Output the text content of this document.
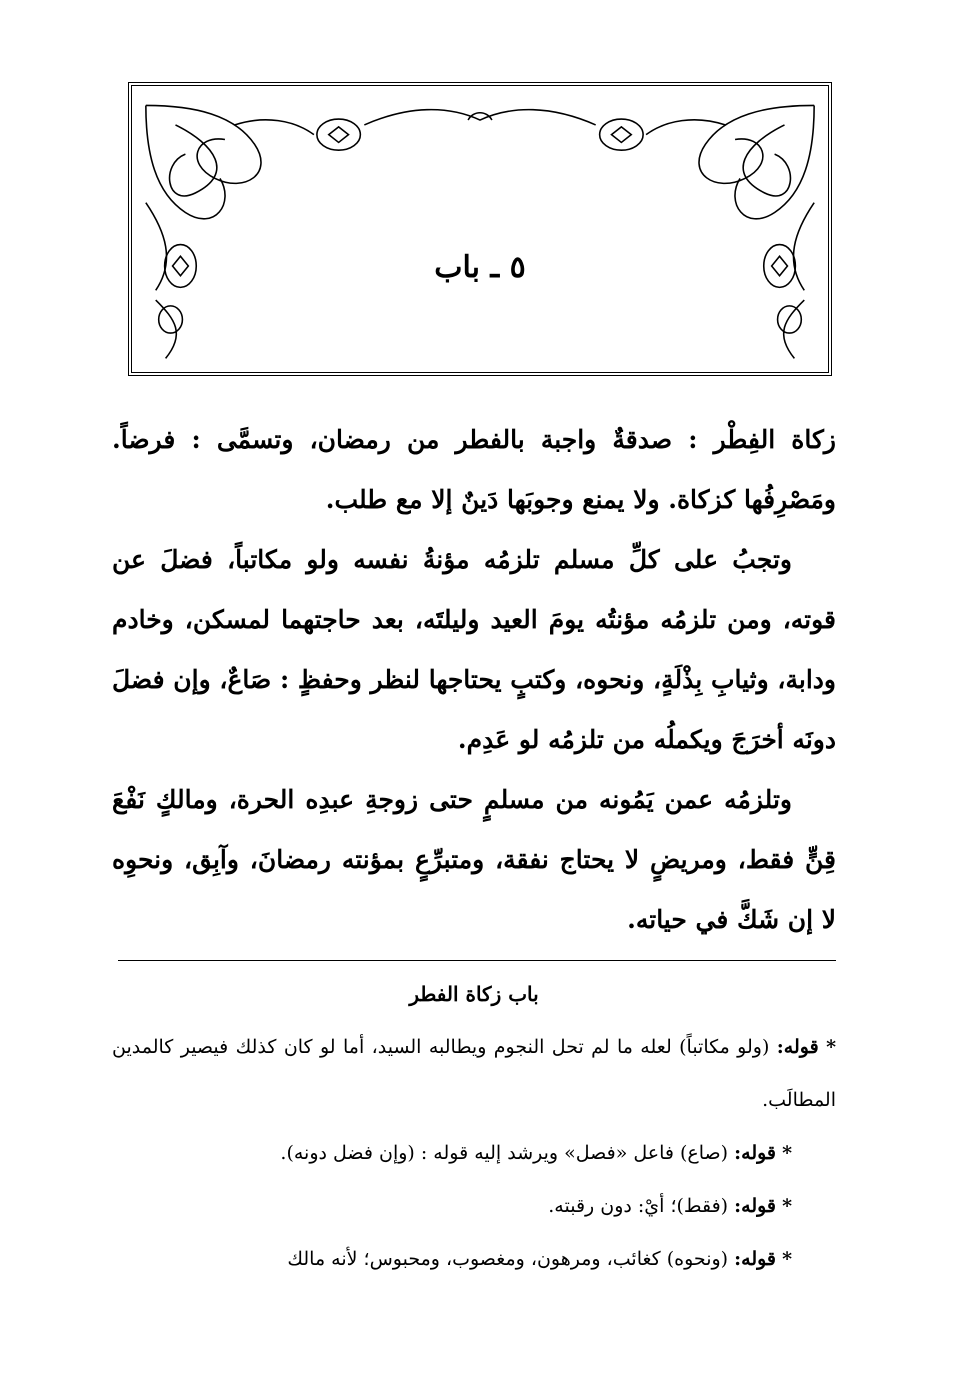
٥ ـ باب

زكاة الفِطْر : صدقةٌ واجبة بالفطر من رمضان، وتسمَّى : فرضاً. ومَصْرِفُها كزكاة. ولا يمنع وجوبَها دَينٌ إلا مع طلب.

وتجبُ على كلِّ مسلم تلزمُه مؤنةُ نفسه ولو مكاتباً، فضلَ عن قوته، ومن تلزمُه مؤنتُه يومَ العيد وليلتَه، بعد حاجتهما لمسكن، وخادم ودابة، وثيابِ بِذْلَةٍ، ونحوه، وكتبٍ يحتاجها لنظر وحفظٍ : صَاعٌ، وإن فضلَ دونَه أخرَجَ ويكملُه من تلزمُه لو عَدِم.

وتلزمُه عمن يَمُونه من مسلمٍ حتى زوجةِ عبدِه الحرة، ومالكٍ نَفْعَ قِنٍّ فقط، ومريضٍ لا يحتاج نفقة، ومتبرِّعٍ بمؤنته رمضانَ، وآبِق، ونحوِه لا إن شَكَّ في حياته.

باب زكاة الفطر

* قوله: (ولو مكاتباً) لعله ما لم تحل النجوم ويطالبه السيد، أما لو كان كذلك فيصير كالمدين المطالَب.

* قوله: (صاع) فاعل «فصل» ويرشد إليه قوله : (وإن فضل دونه).

* قوله: (فقط)؛ أيْ: دون رقبته.

* قوله: (ونحوه) كغائب، ومرهون، ومغصوب، ومحبوس؛ لأنه مالك
